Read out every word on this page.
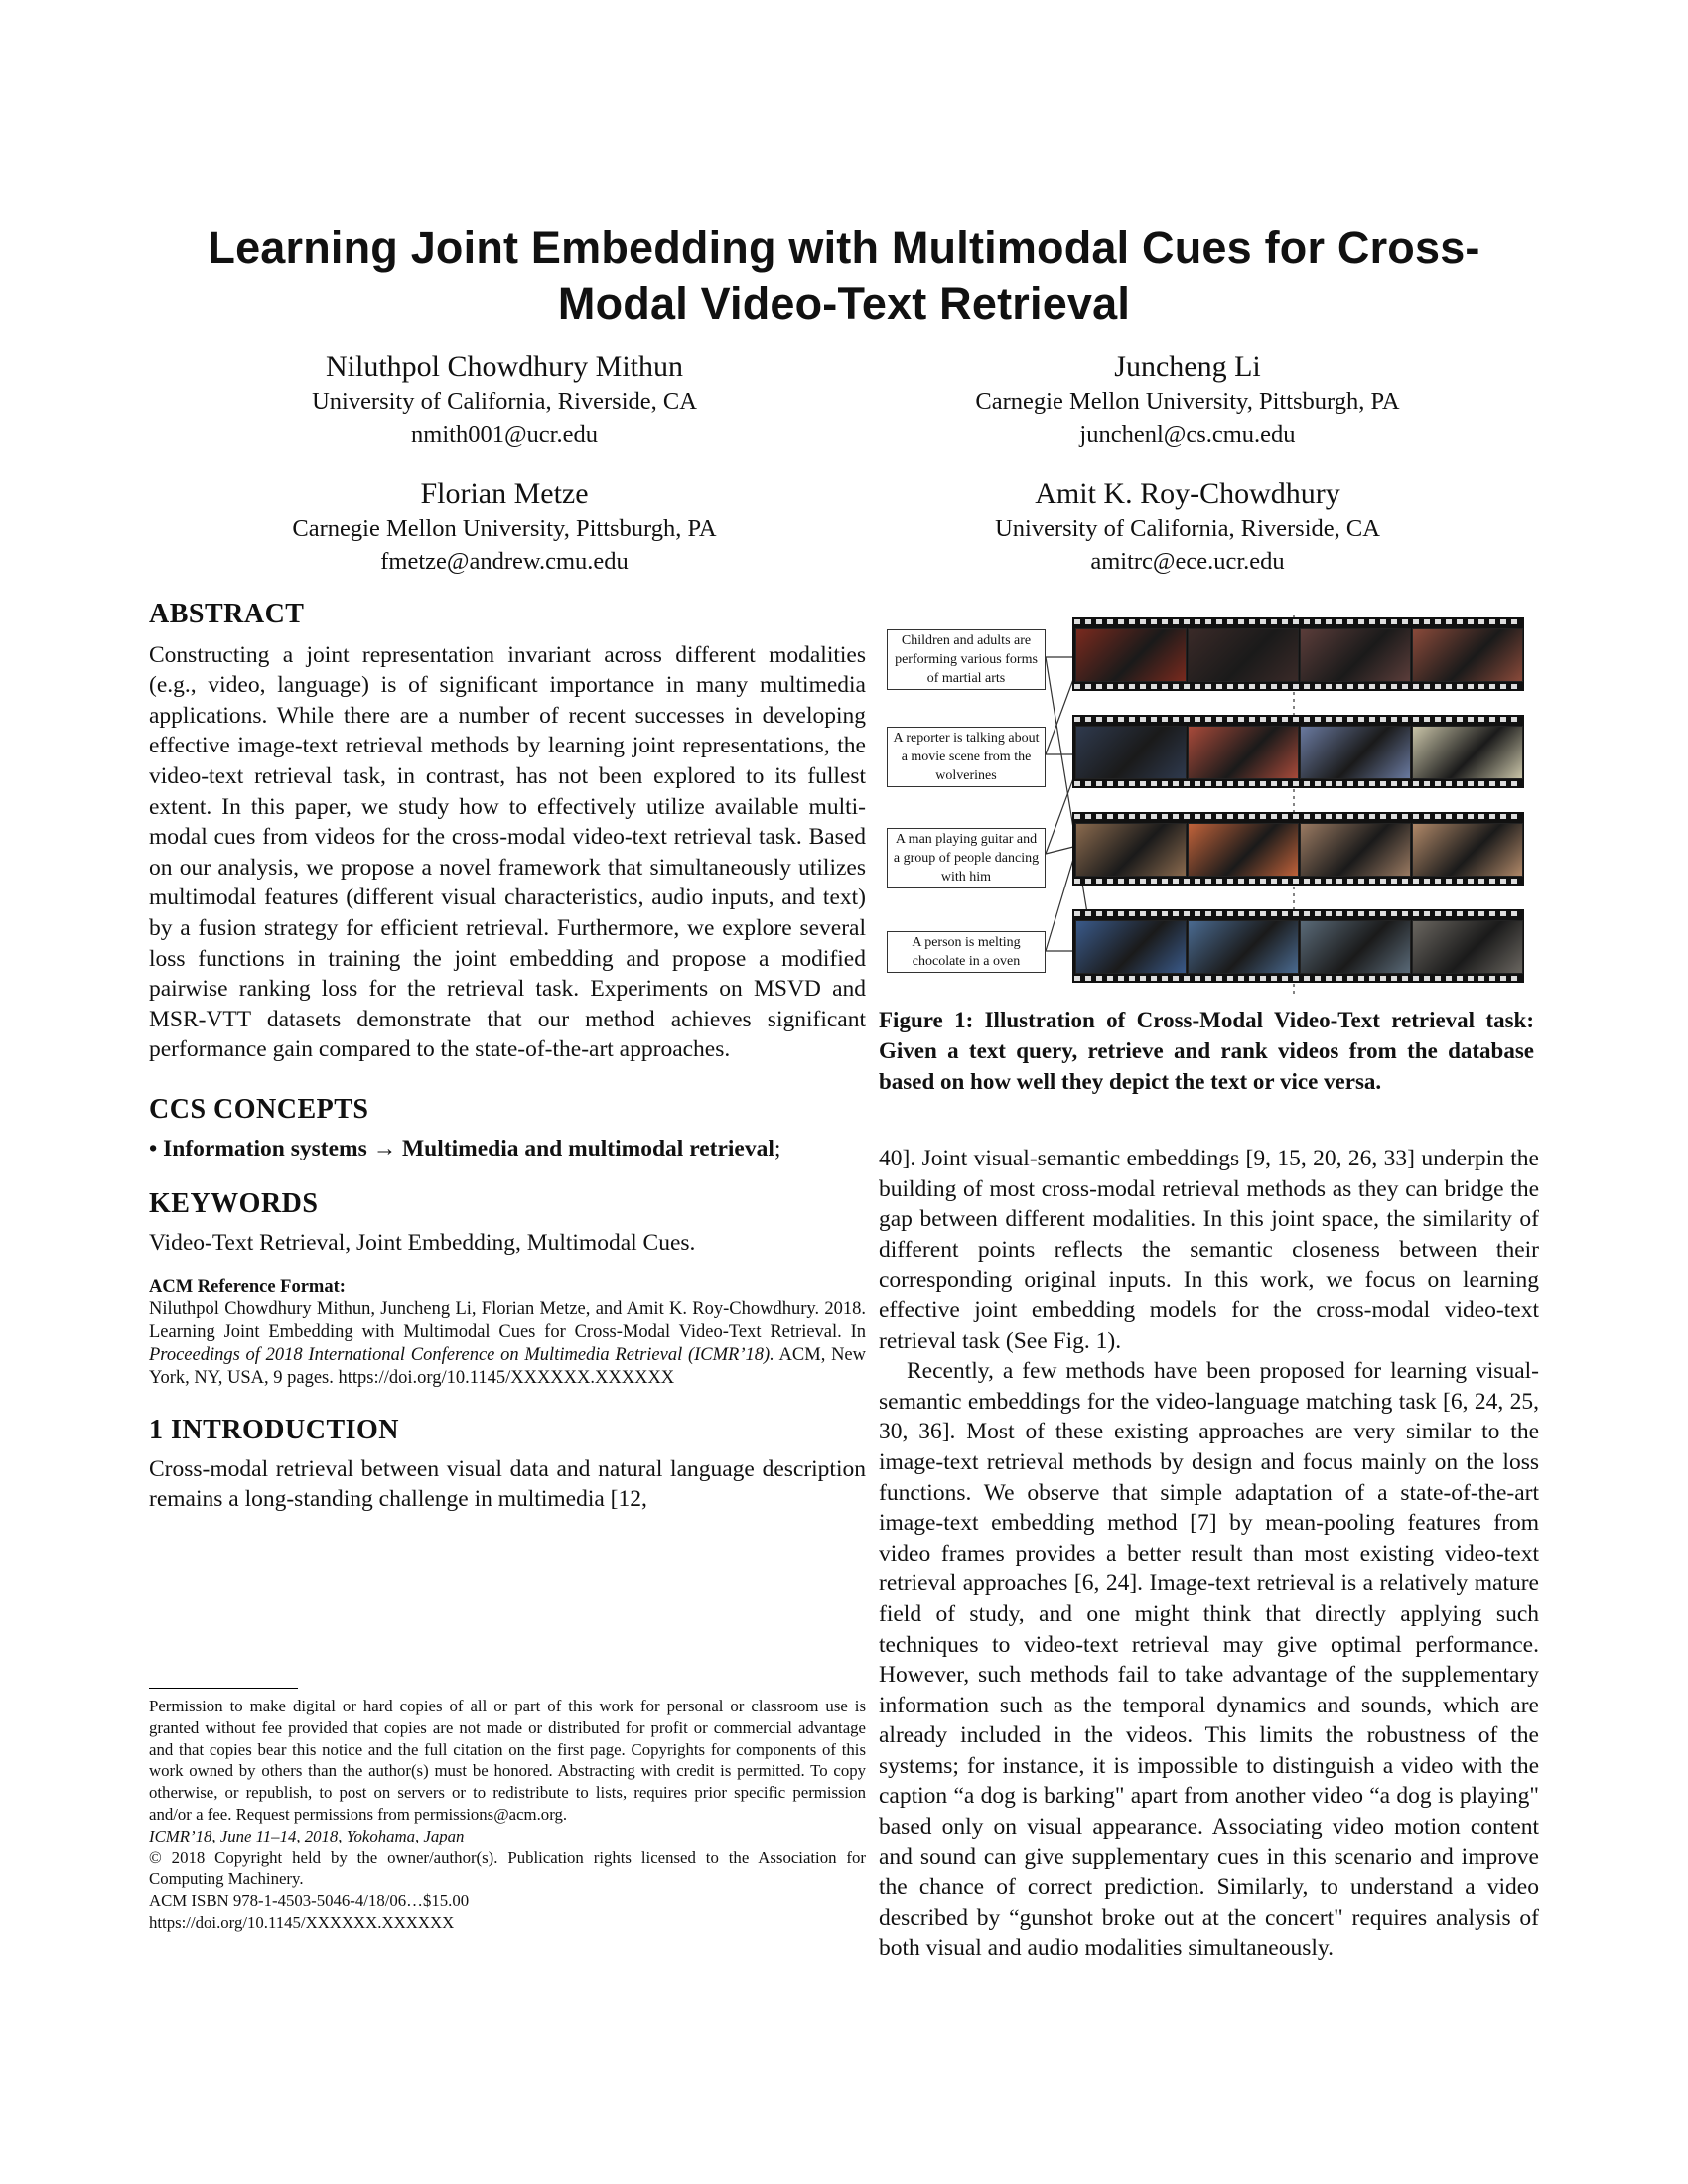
Learning Joint Embedding with Multimodal Cues for Cross-Modal Video-Text Retrieval
Niluthpol Chowdhury Mithun
University of California, Riverside, CA
nmith001@ucr.edu
Juncheng Li
Carnegie Mellon University, Pittsburgh, PA
junchenl@cs.cmu.edu
Florian Metze
Carnegie Mellon University, Pittsburgh, PA
fmetze@andrew.cmu.edu
Amit K. Roy-Chowdhury
University of California, Riverside, CA
amitrc@ece.ucr.edu
ABSTRACT

Constructing a joint representation invariant across different modalities (e.g., video, language) is of significant importance in many multimedia applications. While there are a number of recent successes in developing effective image-text retrieval methods by learning joint representations, the video-text retrieval task, in contrast, has not been explored to its fullest extent. In this paper, we study how to effectively utilize available multi-modal cues from videos for the cross-modal video-text retrieval task. Based on our analysis, we propose a novel framework that simultaneously utilizes multimodal features (different visual characteristics, audio inputs, and text) by a fusion strategy for efficient retrieval. Furthermore, we explore several loss functions in training the joint embedding and propose a modified pairwise ranking loss for the retrieval task. Experiments on MSVD and MSR-VTT datasets demonstrate that our method achieves significant performance gain compared to the state-of-the-art approaches.

CCS CONCEPTS

• Information systems → Multimedia and multimodal retrieval;

KEYWORDS

Video-Text Retrieval, Joint Embedding, Multimodal Cues.

ACM Reference Format:
Niluthpol Chowdhury Mithun, Juncheng Li, Florian Metze, and Amit K. Roy-Chowdhury. 2018. Learning Joint Embedding with Multimodal Cues for Cross-Modal Video-Text Retrieval. In Proceedings of 2018 International Conference on Multimedia Retrieval (ICMR’18). ACM, New York, NY, USA, 9 pages. https://doi.org/10.1145/XXXXXX.XXXXXX
1 INTRODUCTION

Cross-modal retrieval between visual data and natural language description remains a long-standing challenge in multimedia [12,

Permission to make digital or hard copies of all or part of this work for personal or classroom use is granted without fee provided that copies are not made or distributed for profit or commercial advantage and that copies bear this notice and the full citation on the first page. Copyrights for components of this work owned by others than the author(s) must be honored. Abstracting with credit is permitted. To copy otherwise, or republish, to post on servers or to redistribute to lists, requires prior specific permission and/or a fee. Request permissions from permissions@acm.org.
ICMR’18, June 11–14, 2018, Yokohama, Japan
© 2018 Copyright held by the owner/author(s). Publication rights licensed to the Association for Computing Machinery.
ACM ISBN 978-1-4503-5046-4/18/06…$15.00
https://doi.org/10.1145/XXXXXX.XXXXXX
Children and adults are performing various forms of martial arts
A reporter is talking about a movie scene from the wolverines
A man playing guitar and a group of people dancing with him
A person is melting chocolate in a oven
Figure 1: Illustration of Cross-Modal Video-Text retrieval task: Given a text query, retrieve and rank videos from the database based on how well they depict the text or vice versa.

40]. Joint visual-semantic embeddings [9, 15, 20, 26, 33] underpin the building of most cross-modal retrieval methods as they can bridge the gap between different modalities. In this joint space, the similarity of different points reflects the semantic closeness between their corresponding original inputs. In this work, we focus on learning effective joint embedding models for the cross-modal video-text retrieval task (See Fig. 1).

Recently, a few methods have been proposed for learning visual-semantic embeddings for the video-language matching task [6, 24, 25, 30, 36]. Most of these existing approaches are very similar to the image-text retrieval methods by design and focus mainly on the loss functions. We observe that simple adaptation of a state-of-the-art image-text embedding method [7] by mean-pooling features from video frames provides a better result than most existing video-text retrieval approaches [6, 24]. Image-text retrieval is a relatively mature field of study, and one might think that directly applying such techniques to video-text retrieval may give optimal performance. However, such methods fail to take advantage of the supplementary information such as the temporal dynamics and sounds, which are already included in the videos. This limits the robustness of the systems; for instance, it is impossible to distinguish a video with the caption “a dog is barking" apart from another video “a dog is playing" based only on visual appearance. Associating video motion content and sound can give supplementary cues in this scenario and improve the chance of correct prediction. Similarly, to understand a video described by “gunshot broke out at the concert" requires analysis of both visual and audio modalities simultaneously.
